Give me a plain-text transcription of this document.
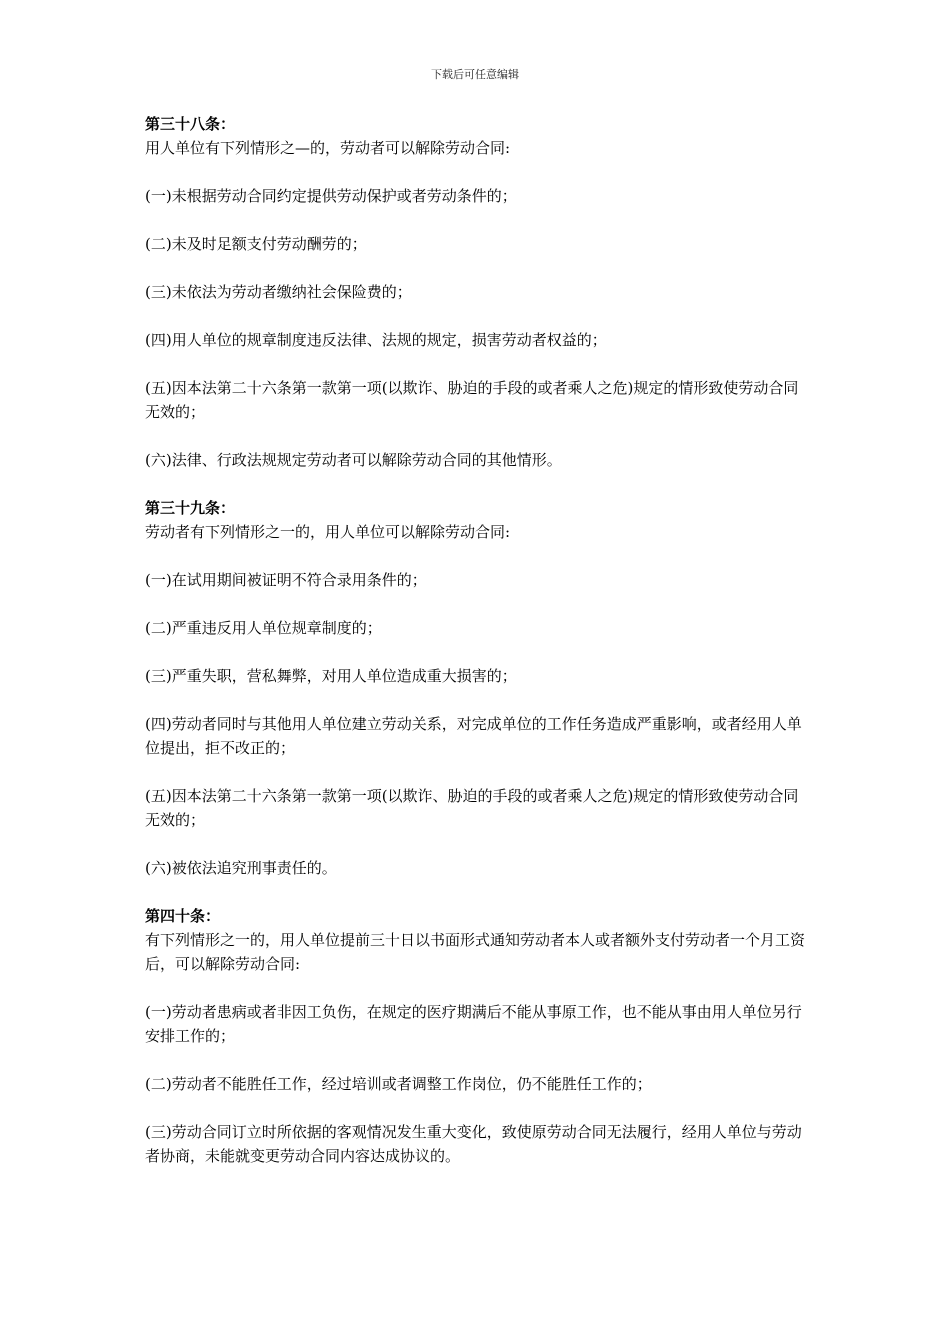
下载后可任意编辑

第三十八条：

用人单位有下列情形之—的，劳动者可以解除劳动合同:

(一)未根据劳动合同约定提供劳动保护或者劳动条件的；

(二)未及时足额支付劳动酬劳的；

(三)未依法为劳动者缴纳社会保险费的；

(四)用人单位的规章制度违反法律、法规的规定，损害劳动者权益的；

(五)因本法第二十六条第一款第一项(以欺诈、胁迫的手段的或者乘人之危)规定的情形致使劳动合同无效的；

(六)法律、行政法规规定劳动者可以解除劳动合同的其他情形。

第三十九条：

劳动者有下列情形之一的，用人单位可以解除劳动合同:

(一)在试用期间被证明不符合录用条件的；

(二)严重违反用人单位规章制度的；

(三)严重失职，营私舞弊，对用人单位造成重大损害的；

(四)劳动者同时与其他用人单位建立劳动关系，对完成单位的工作任务造成严重影响，或者经用人单位提出，拒不改正的；

(五)因本法第二十六条第一款第一项(以欺诈、胁迫的手段的或者乘人之危)规定的情形致使劳动合同无效的；

(六)被依法追究刑事责任的。

第四十条：

有下列情形之一的，用人单位提前三十日以书面形式通知劳动者本人或者额外支付劳动者一个月工资后，可以解除劳动合同:

(一)劳动者患病或者非因工负伤，在规定的医疗期满后不能从事原工作，也不能从事由用人单位另行安排工作的；

(二)劳动者不能胜任工作，经过培训或者调整工作岗位，仍不能胜任工作的；

(三)劳动合同订立时所依据的客观情况发生重大变化，致使原劳动合同无法履行，经用人单位与劳动者协商，未能就变更劳动合同内容达成协议的。
